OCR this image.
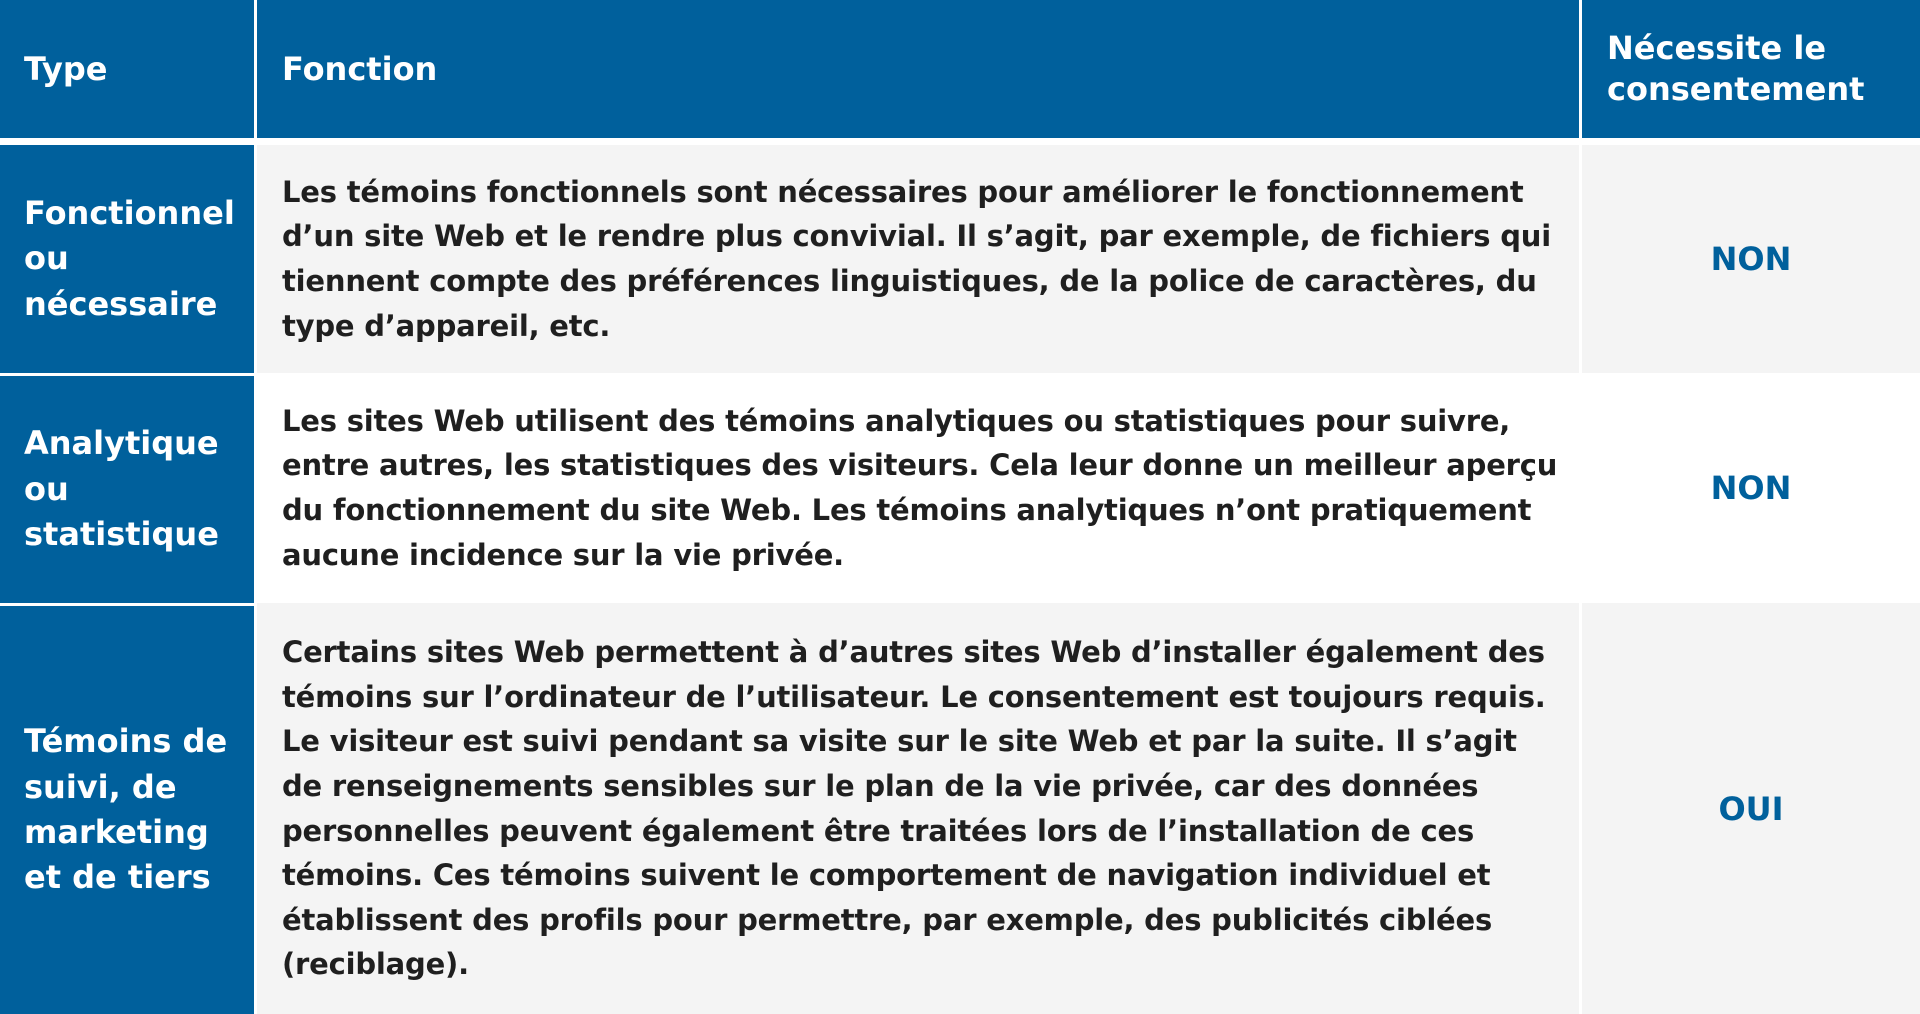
Type	Fonction
Nécessite le consentement
Fonctionnel ou nécessaire
Les témoins fonctionnels sont nécessaires pour améliorer le fonctionnement d’un site Web et le rendre plus convivial. Il s’agit, par exemple, de fichiers qui tiennent compte des préférences linguistiques, de la police de caractères, du type d’appareil, etc.
NON
Analytique ou statistique
Les sites Web utilisent des témoins analytiques ou statistiques pour suivre, entre autres, les statistiques des visiteurs. Cela leur donne un meilleur aperçu du fonctionnement du site Web. Les témoins analytiques n’ont pratiquement aucune incidence sur la vie privée.
NON
Témoins de suivi, de marketing et de tiers
Certains sites Web permettent à d’autres sites Web d’installer également des témoins sur l’ordinateur de l’utilisateur. Le consentement est toujours requis. Le visiteur est suivi pendant sa visite sur le site Web et par la suite. Il s’agit de renseignements sensibles sur le plan de la vie privée, car des données personnelles peuvent également être traitées lors de l’installation de ces témoins. Ces témoins suivent le comportement de navigation individuel et établissent des profils pour permettre, par exemple, des publicités ciblées (reciblage).
OUI
